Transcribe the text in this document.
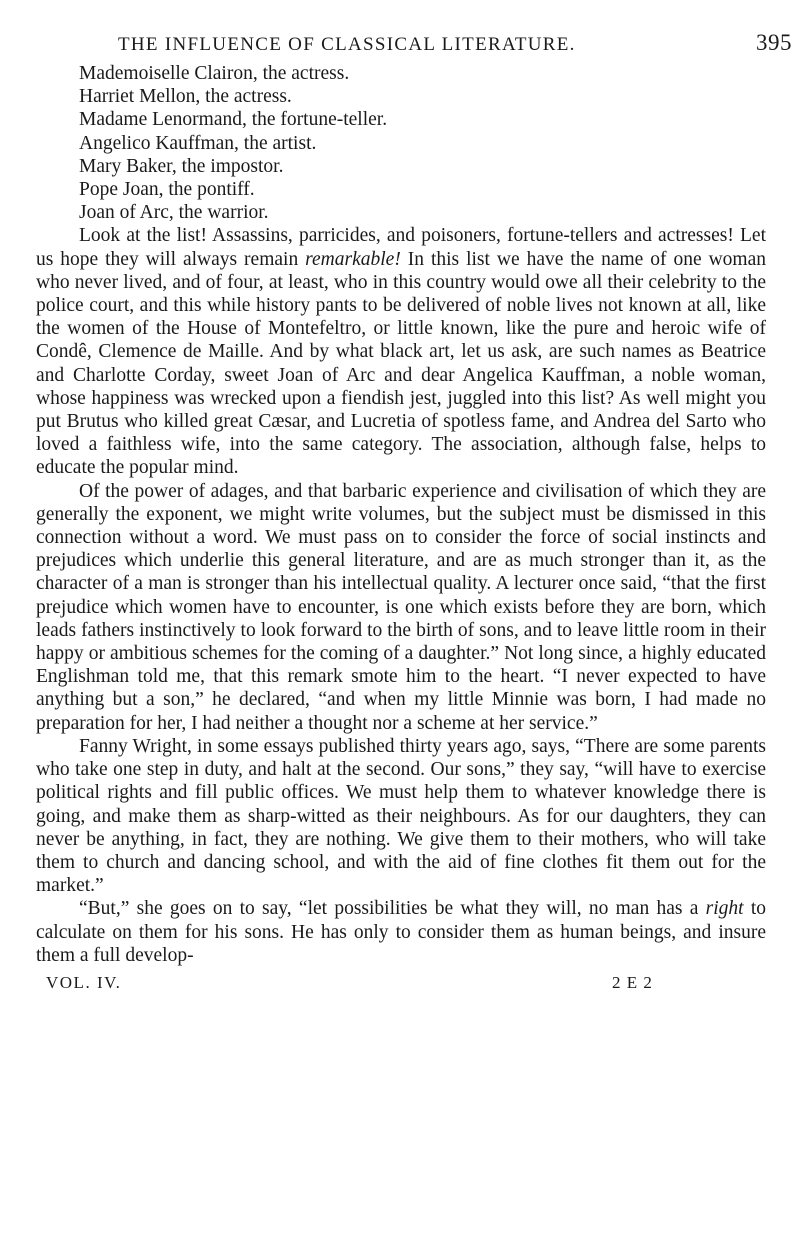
THE INFLUENCE OF CLASSICAL LITERATURE.	395
Mademoiselle Clairon, the actress.
Harriet Mellon, the actress.
Madame Lenormand, the fortune-teller.
Angelico Kauffman, the artist.
Mary Baker, the impostor.
Pope Joan, the pontiff.
Joan of Arc, the warrior.

Look at the list! Assassins, parricides, and poisoners, fortune-tellers and actresses! Let us hope they will always remain remarkable! In this list we have the name of one woman who never lived, and of four, at least, who in this country would owe all their celebrity to the police court, and this while history pants to be delivered of noble lives not known at all, like the women of the House of Montefeltro, or little known, like the pure and heroic wife of Condê, Clemence de Maille. And by what black art, let us ask, are such names as Beatrice and Charlotte Corday, sweet Joan of Arc and dear Angelica Kauffman, a noble woman, whose happiness was wrecked upon a fiendish jest, juggled into this list? As well might you put Brutus who killed great Cæsar, and Lucretia of spotless fame, and Andrea del Sarto who loved a faithless wife, into the same category. The association, although false, helps to educate the popular mind.

Of the power of adages, and that barbaric experience and civilisation of which they are generally the exponent, we might write volumes, but the subject must be dismissed in this connection without a word. We must pass on to consider the force of social instincts and prejudices which underlie this general literature, and are as much stronger than it, as the character of a man is stronger than his intellectual quality. A lecturer once said, “that the first prejudice which women have to encounter, is one which exists before they are born, which leads fathers instinctively to look forward to the birth of sons, and to leave little room in their happy or ambitious schemes for the coming of a daughter.” Not long since, a highly educated Englishman told me, that this remark smote him to the heart. “I never expected to have anything but a son,” he declared, “and when my little Minnie was born, I had made no preparation for her, I had neither a thought nor a scheme at her service.”

Fanny Wright, in some essays published thirty years ago, says, “There are some parents who take one step in duty, and halt at the second. Our sons,” they say, “will have to exercise political rights and fill public offices. We must help them to whatever knowledge there is going, and make them as sharp-witted as their neighbours. As for our daughters, they can never be anything, in fact, they are nothing. We give them to their mothers, who will take them to church and dancing school, and with the aid of fine clothes fit them out for the market.”

“But,” she goes on to say, “let possibilities be what they will, no man has a right to calculate on them for his sons. He has only to consider them as human beings, and insure them a full develop-

VOL. IV.	2 E 2
